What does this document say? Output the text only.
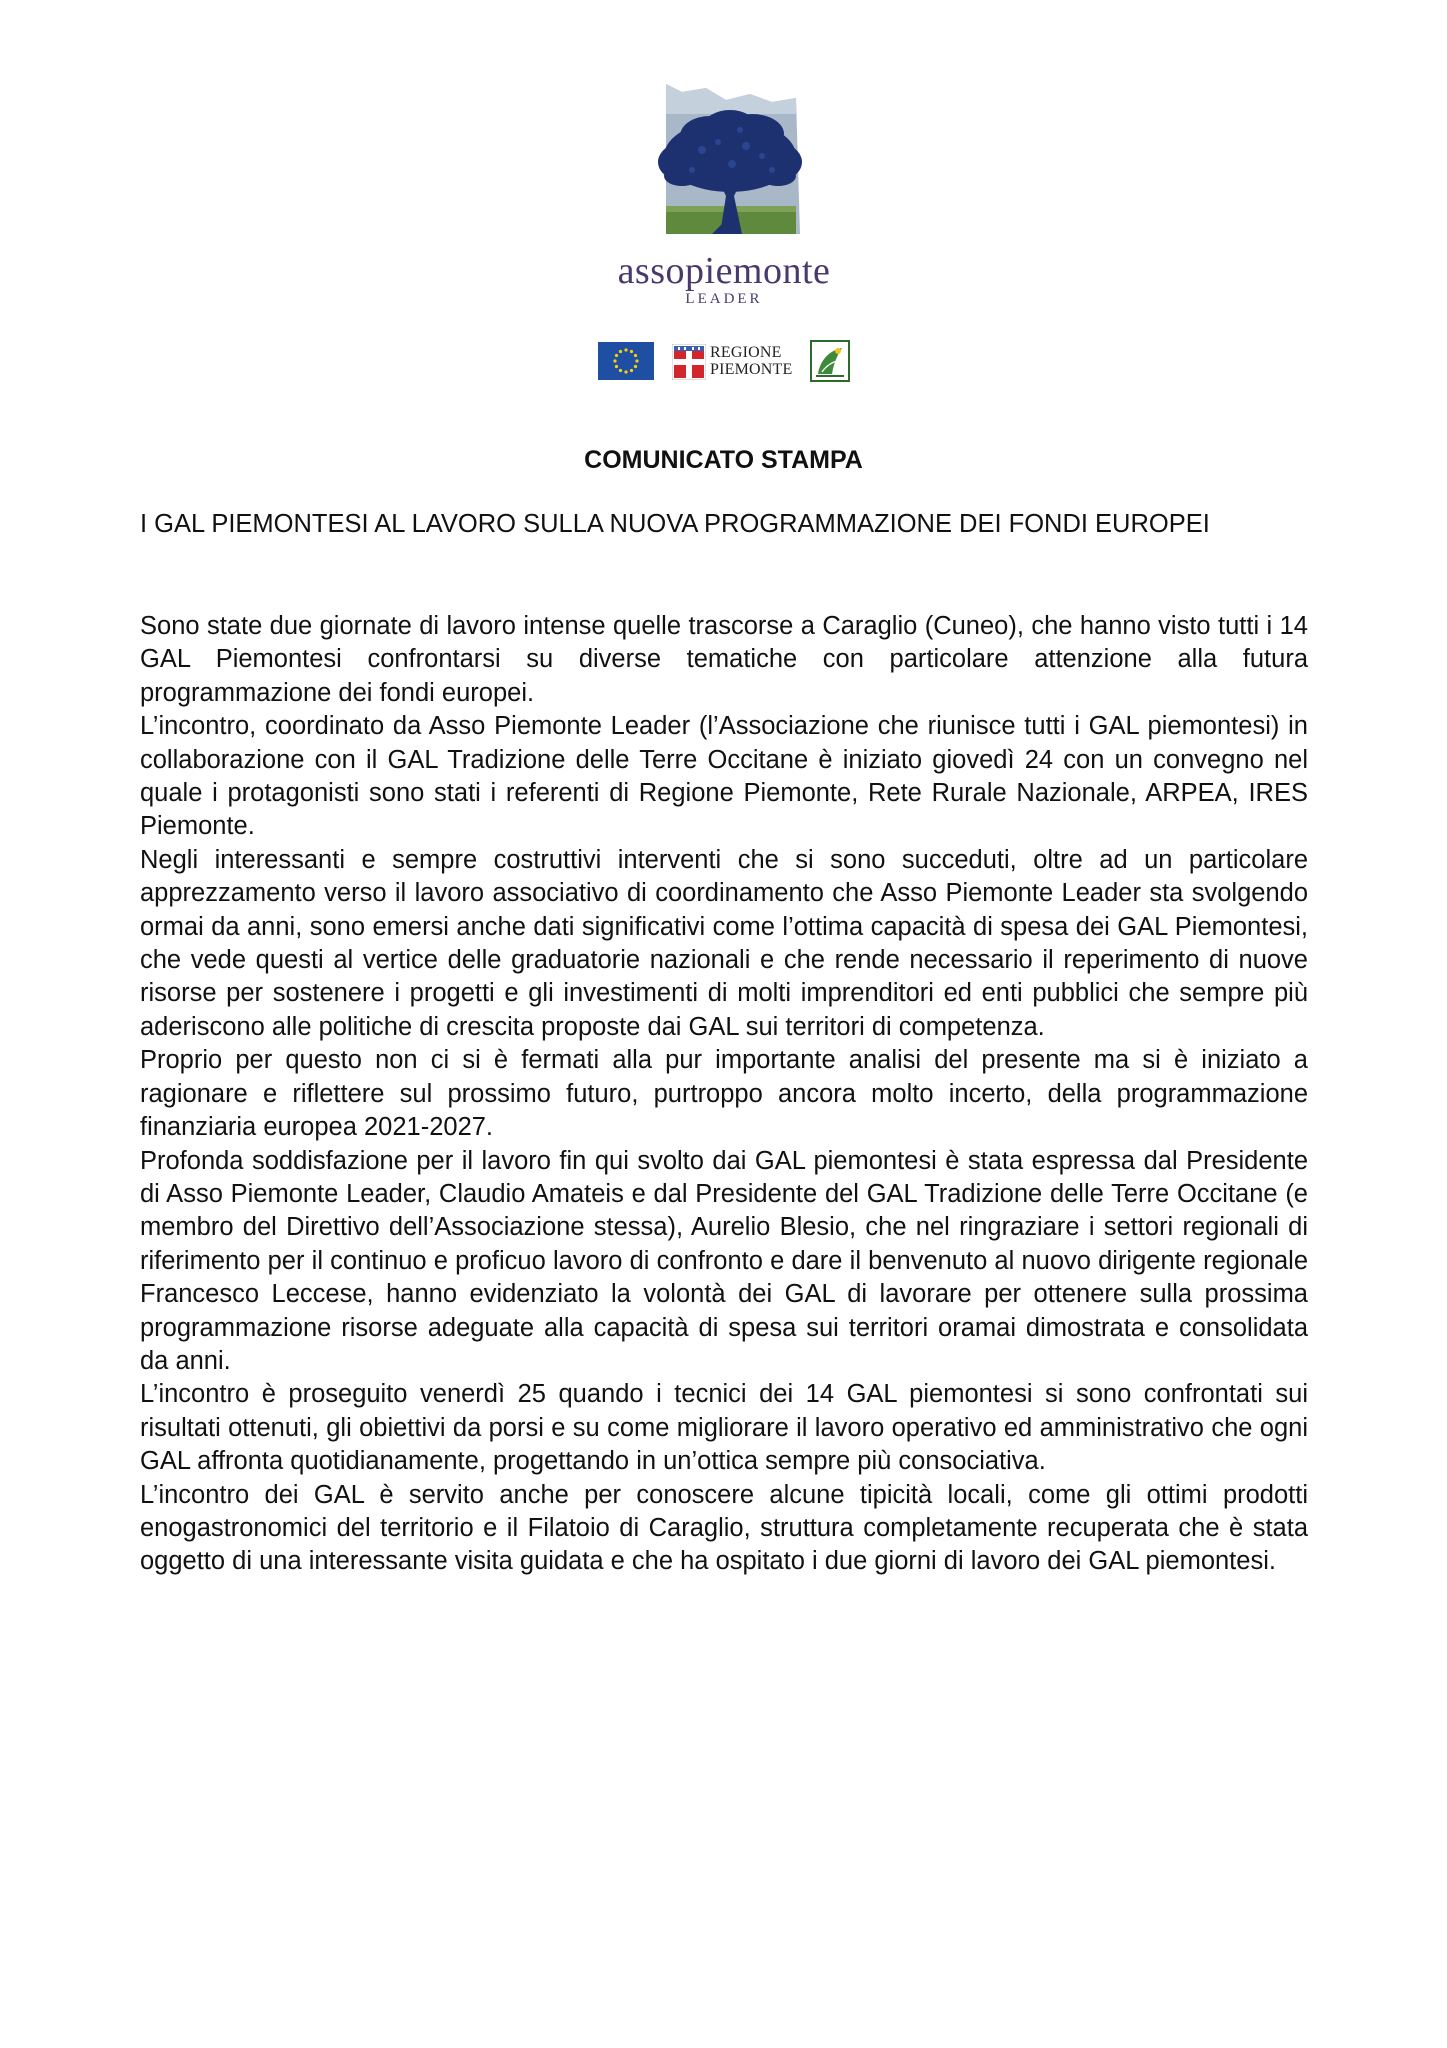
assopiemonte
LEADER
REGIONE
PIEMONTE
COMUNICATO STAMPA
I GAL PIEMONTESI AL LAVORO SULLA NUOVA PROGRAMMAZIONE DEI FONDI EUROPEI

Sono state due giornate di lavoro intense quelle trascorse a Caraglio (Cuneo), che hanno visto tutti i 14 GAL Piemontesi confrontarsi su diverse tematiche con particolare attenzione alla futura programmazione dei fondi europei.

L’incontro, coordinato da Asso Piemonte Leader (l’Associazione che riunisce tutti i GAL piemontesi) in collaborazione con il GAL Tradizione delle Terre Occitane è iniziato giovedì 24 con un convegno nel quale i protagonisti sono stati i referenti di Regione Piemonte, Rete Rurale Nazionale, ARPEA, IRES Piemonte.

Negli interessanti e sempre costruttivi interventi che si sono succeduti, oltre ad un particolare apprezzamento verso il lavoro associativo di coordinamento che Asso Piemonte Leader sta svolgendo ormai da anni, sono emersi anche dati significativi come l’ottima capacità di spesa dei GAL Piemontesi, che vede questi al vertice delle graduatorie nazionali e che rende necessario il reperimento di nuove risorse per sostenere i progetti e gli investimenti di molti imprenditori ed enti pubblici che sempre più aderiscono alle politiche di crescita proposte dai GAL sui territori di competenza.

Proprio per questo non ci si è fermati alla pur importante analisi del presente ma si è iniziato a ragionare e riflettere sul prossimo futuro, purtroppo ancora molto incerto, della programmazione finanziaria europea 2021-2027.

Profonda soddisfazione per il lavoro fin qui svolto dai GAL piemontesi è stata espressa dal Presidente di Asso Piemonte Leader, Claudio Amateis e dal Presidente del GAL Tradizione delle Terre Occitane (e membro del Direttivo dell’Associazione stessa), Aurelio Blesio, che nel ringraziare i settori regionali di riferimento per il continuo e proficuo lavoro di confronto e dare il benvenuto al nuovo dirigente regionale Francesco Leccese, hanno evidenziato la volontà dei GAL di lavorare per ottenere sulla prossima programmazione risorse adeguate alla capacità di spesa sui territori oramai dimostrata e consolidata da anni.

L’incontro è proseguito venerdì 25 quando i tecnici dei 14 GAL piemontesi si sono confrontati sui risultati ottenuti, gli obiettivi da porsi e su come migliorare il lavoro operativo ed amministrativo che ogni GAL affronta quotidianamente, progettando in un’ottica sempre più consociativa.

L’incontro dei GAL è servito anche per conoscere alcune tipicità locali, come gli ottimi prodotti enogastronomici del territorio e il Filatoio di Caraglio, struttura completamente recuperata che è stata oggetto di una interessante visita guidata e che ha ospitato i due giorni di lavoro dei GAL piemontesi.
